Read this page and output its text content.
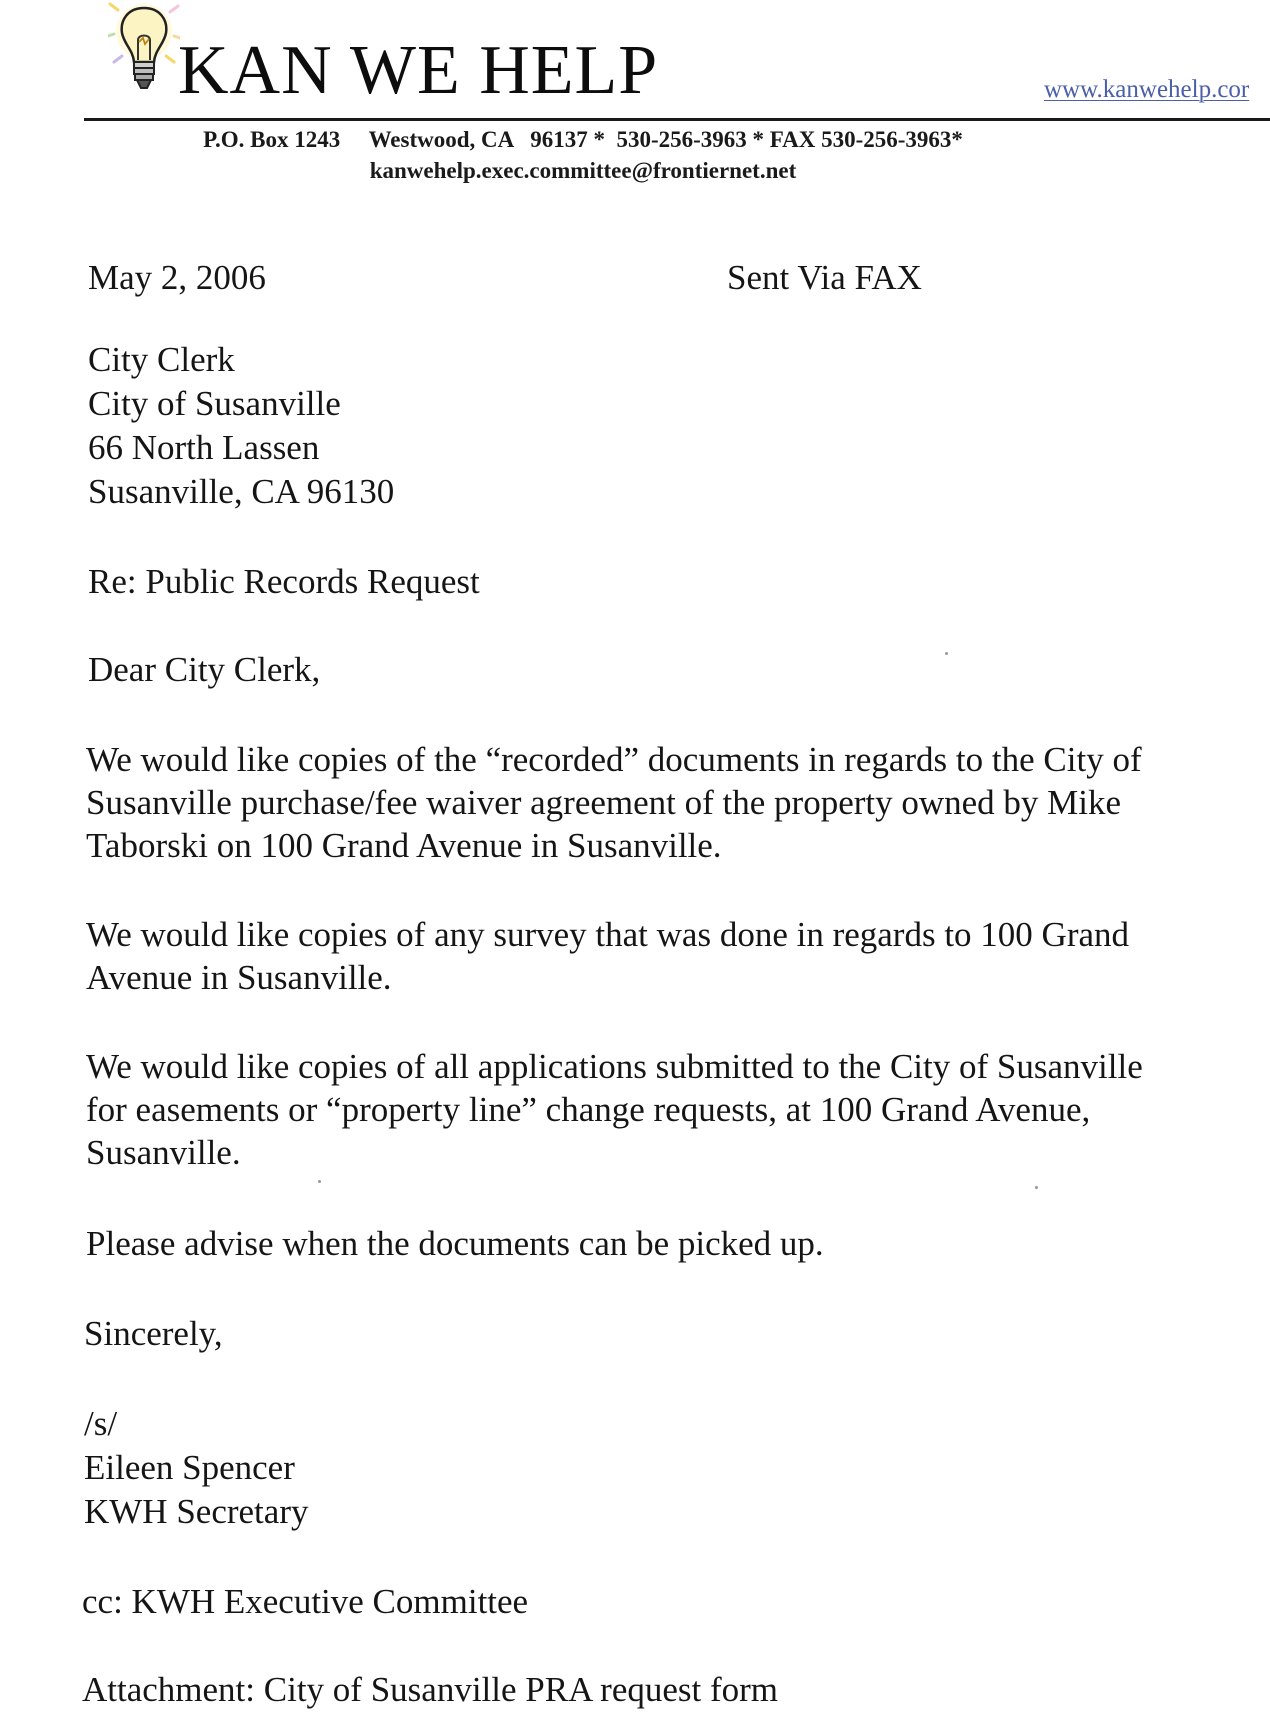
KAN WE HELP	www.kanwehelp.cor
P.O. Box 1243     Westwood, CA   96137 *  530-256-3963 * FAX 530-256-3963*
kanwehelp.exec.committee@frontiernet.net
May 2, 2006	Sent Via FAX
City Clerk
City of Susanville
66 North Lassen
Susanville, CA 96130
Re: Public Records Request
Dear City Clerk,
We would like copies of the “recorded” documents in regards to the City of
Susanville purchase/fee waiver agreement of the property owned by Mike
Taborski on 100 Grand Avenue in Susanville.
We would like copies of any survey that was done in regards to 100 Grand
Avenue in Susanville.
We would like copies of all applications submitted to the City of Susanville
for easements or “property line” change requests, at 100 Grand Avenue,
Susanville.
Please advise when the documents can be picked up.
Sincerely,
/s/
Eileen Spencer
KWH Secretary
cc: KWH Executive Committee
Attachment: City of Susanville PRA request form
